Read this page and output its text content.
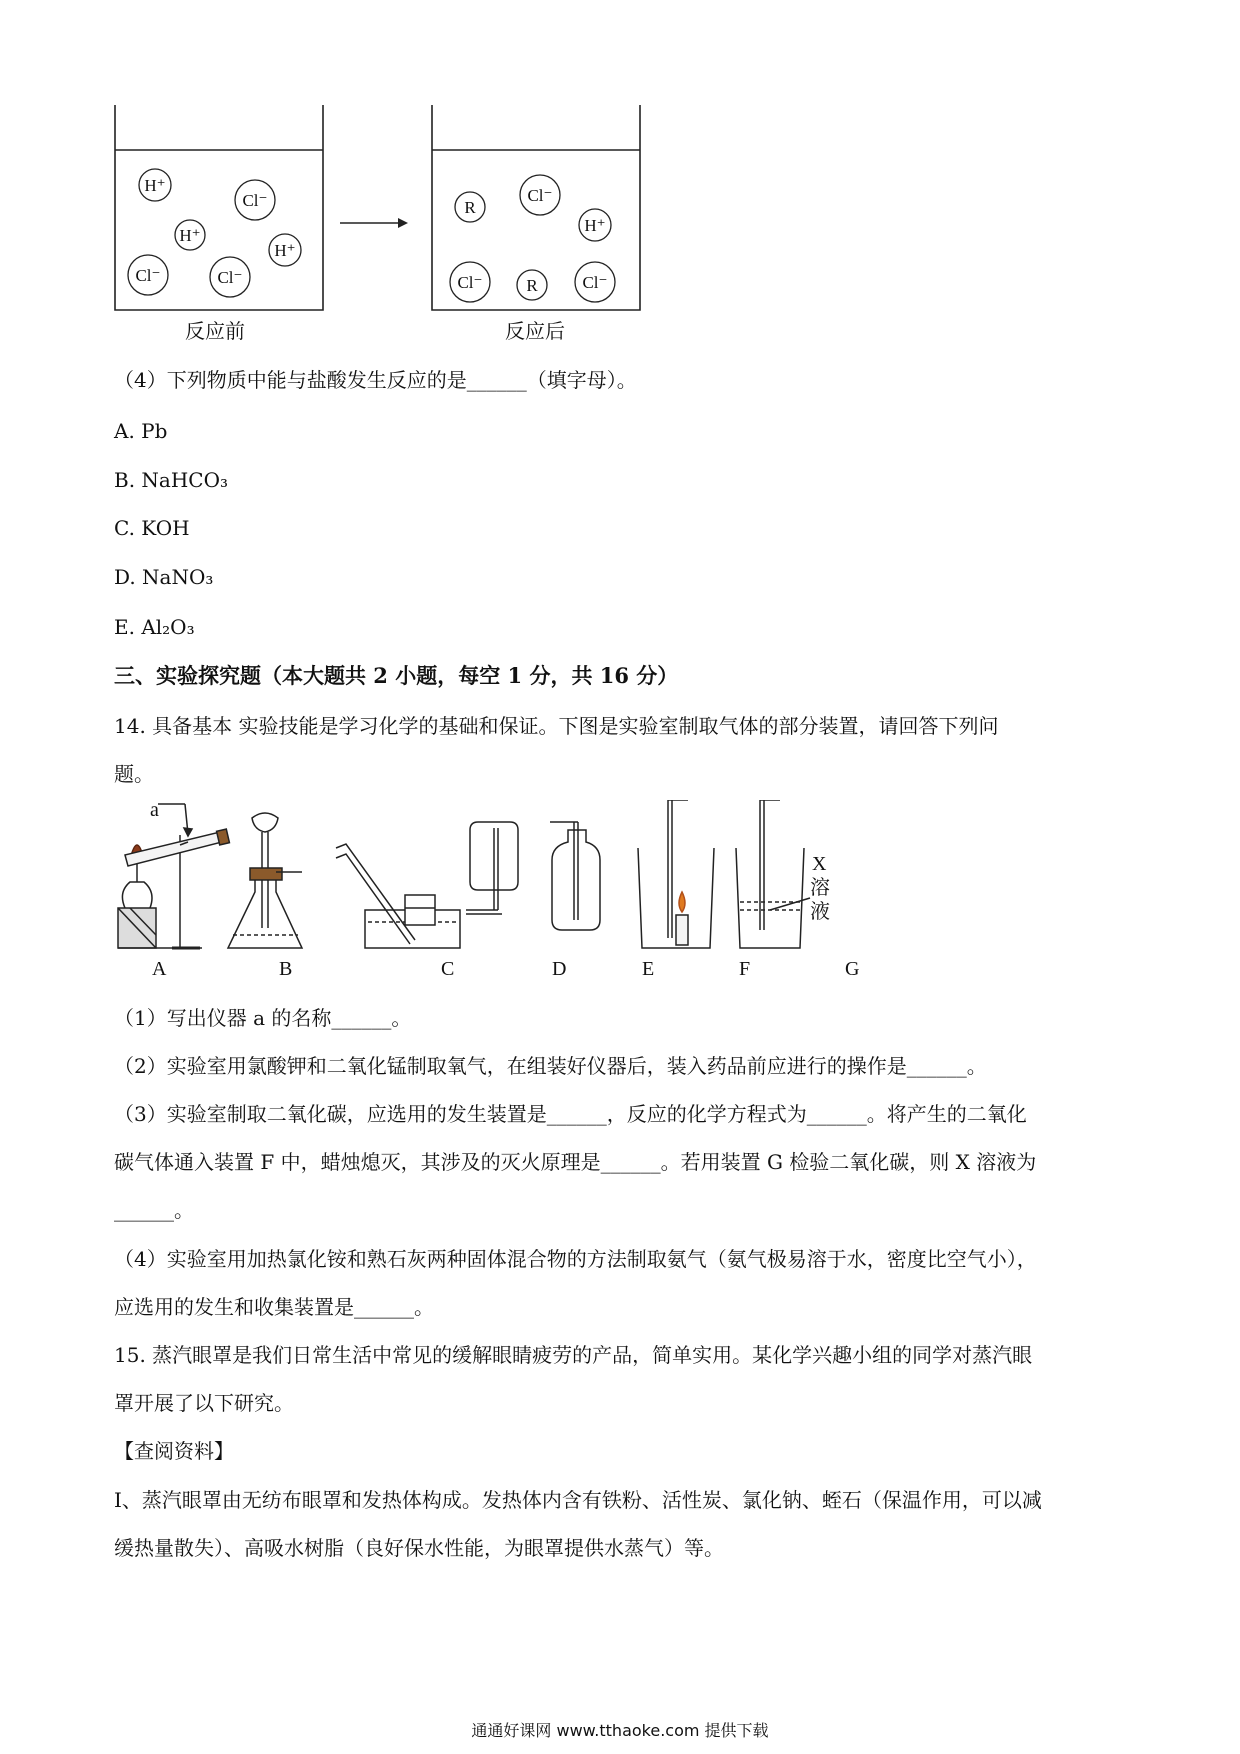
H⁺
Cl⁻
H⁺
H⁺
Cl⁻	Cl⁻
R
Cl⁻
H⁺
Cl⁻	R	Cl⁻
反应前	反应后
（4）下列物质中能与盐酸发生反应的是______（填字母）。
A. Pb
B. NaHCO₃
C. KOH
D. NaNO₃
E. Al₂O₃
三、实验探究题（本大题共 2 小题，每空 1 分，共 16 分）
14. 具备基本 实验技能是学习化学的基础和保证。下图是实验室制取气体的部分装置，请回答下列问
题。
a
X
溶
液
A	B	C	D	E	F	G
（1）写出仪器 a 的名称______。
（2）实验室用氯酸钾和二氧化锰制取氧气，在组装好仪器后，装入药品前应进行的操作是______。
（3）实验室制取二氧化碳，应选用的发生装置是______，反应的化学方程式为______。将产生的二氧化
碳气体通入装置 F 中，蜡烛熄灭，其涉及的灭火原理是______。若用装置 G 检验二氧化碳，则 X 溶液为
______。
（4）实验室用加热氯化铵和熟石灰两种固体混合物的方法制取氨气（氨气极易溶于水，密度比空气小），
应选用的发生和收集装置是______。
15. 蒸汽眼罩是我们日常生活中常见的缓解眼睛疲劳的产品，简单实用。某化学兴趣小组的同学对蒸汽眼
罩开展了以下研究。
【查阅资料】
I、蒸汽眼罩由无纺布眼罩和发热体构成。发热体内含有铁粉、活性炭、氯化钠、蛭石（保温作用，可以减
缓热量散失）、高吸水树脂（良好保水性能，为眼罩提供水蒸气）等。
通通好课网 www.tthaoke.com 提供下载
